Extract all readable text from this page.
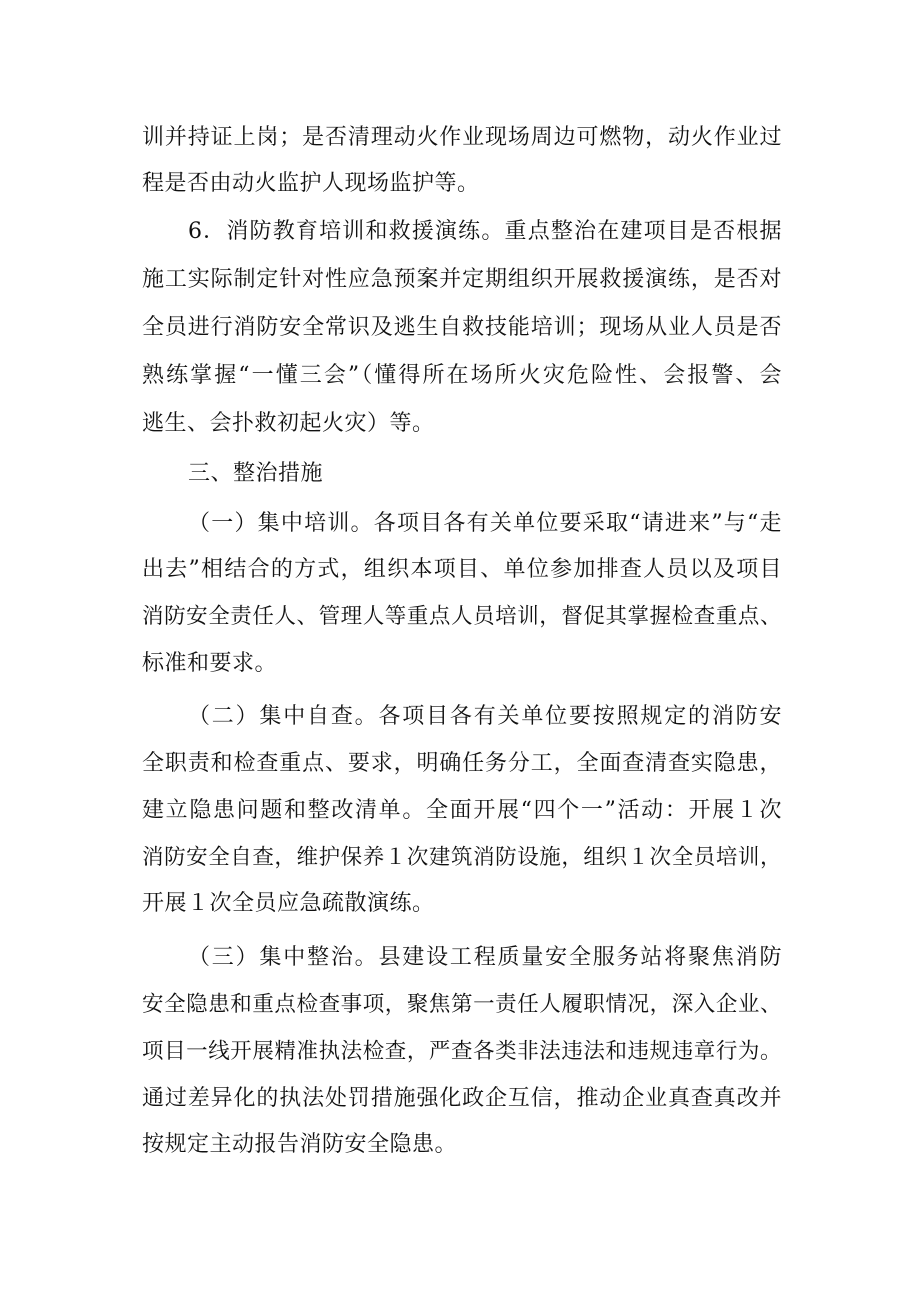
训并持证上岗；是否清理动火作业现场周边可燃物，动火作业过
程是否由动火监护人现场监护等。
6．消防教育培训和救援演练。重点整治在建项目是否根据
施工实际制定针对性应急预案并定期组织开展救援演练，是否对
全员进行消防安全常识及逃生自救技能培训；现场从业人员是否
熟练掌握“一懂三会”（懂得所在场所火灾危险性、会报警、会
逃生、会扑救初起火灾）等。
三、整治措施
（一）集中培训。各项目各有关单位要采取“请进来”与“走
出去”相结合的方式，组织本项目、单位参加排查人员以及项目
消防安全责任人、管理人等重点人员培训，督促其掌握检查重点、
标准和要求。
（二）集中自查。各项目各有关单位要按照规定的消防安
全职责和检查重点、要求，明确任务分工，全面查清查实隐患，
建立隐患问题和整改清单。全面开展“四个一”活动：开展１次
消防安全自查，维护保养１次建筑消防设施，组织１次全员培训，
开展１次全员应急疏散演练。
（三）集中整治。县建设工程质量安全服务站将聚焦消防
安全隐患和重点检查事项，聚焦第一责任人履职情况，深入企业、
项目一线开展精准执法检查，严查各类非法违法和违规违章行为。
通过差异化的执法处罚措施强化政企互信，推动企业真查真改并
按规定主动报告消防安全隐患。
